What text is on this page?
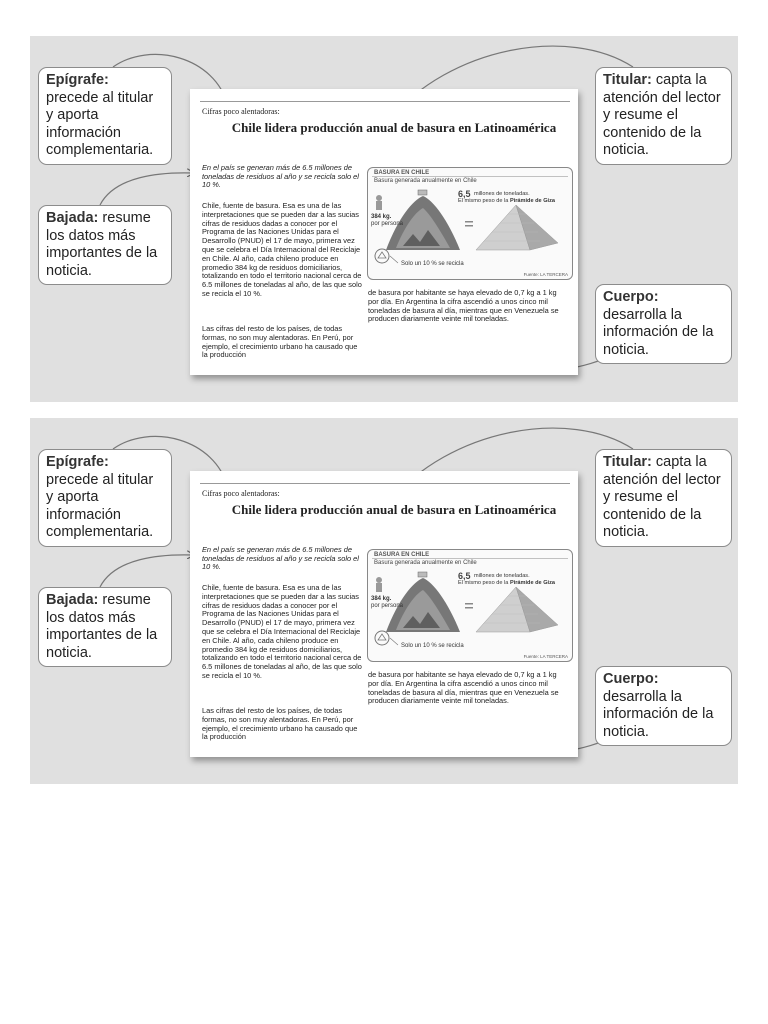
Epígrafe: precede al titular y aporta información complementaria.
Bajada: resume los datos más importantes de la noticia.
Titular: capta la atención del lector y resume el contenido de la noticia.
Cuerpo: desarrolla la información de la noticia.
Cifras poco alentadoras:
Chile lidera producción anual de basura en Latinoamérica
En el país se generan más de 6.5 millones de toneladas de residuos al año y se recicla solo el 10 %.
Chile, fuente de basura. Esa es una de las interpretaciones que se pueden dar a las sucias cifras de residuos dadas a conocer por el Programa de las Naciones Unidas para el Desarrollo (PNUD) el 17 de mayo, primera vez que se celebra el Día Internacional del Reciclaje en Chile. Al año, cada chileno produce en promedio 384 kg de residuos domiciliarios, totalizando en todo el territorio nacional cerca de 6.5 millones de toneladas al año, de las que solo se recicla el 10 %.
Las cifras del resto de los países, de todas formas, no son muy alentadoras. En Perú, por ejemplo, el crecimiento urbano ha causado que la producción
de basura por habitante se haya elevado de 0,7 kg a 1 kg por día. En Argentina la cifra ascendió a unos cinco mil toneladas de basura al día, mientras que en Venezuela se producen diariamente veinte mil toneladas.
BASURA EN CHILE
Basura generada anualmente en Chile
6,5 millones de toneladas.
El mismo peso de la Pirámide de Giza
384 kg.
por persona
Solo un 10 % se recicla
Fuente: LA TERCERA
Epígrafe: precede al titular y aporta información complementaria.
Bajada: resume los datos más importantes de la noticia.
Titular: capta la atención del lector y resume el contenido de la noticia.
Cuerpo: desarrolla la información de la noticia.
Cifras poco alentadoras:
Chile lidera producción anual de basura en Latinoamérica
En el país se generan más de 6.5 millones de toneladas de residuos al año y se recicla solo el 10 %.
Chile, fuente de basura. Esa es una de las interpretaciones que se pueden dar a las sucias cifras de residuos dadas a conocer por el Programa de las Naciones Unidas para el Desarrollo (PNUD) el 17 de mayo, primera vez que se celebra el Día Internacional del Reciclaje en Chile. Al año, cada chileno produce en promedio 384 kg de residuos domiciliarios, totalizando en todo el territorio nacional cerca de 6.5 millones de toneladas al año, de las que solo se recicla el 10 %.
Las cifras del resto de los países, de todas formas, no son muy alentadoras. En Perú, por ejemplo, el crecimiento urbano ha causado que la producción
de basura por habitante se haya elevado de 0,7 kg a 1 kg por día. En Argentina la cifra ascendió a unos cinco mil toneladas de basura al día, mientras que en Venezuela se producen diariamente veinte mil toneladas.
BASURA EN CHILE
Basura generada anualmente en Chile
6,5 millones de toneladas.
El mismo peso de la Pirámide de Giza
384 kg.
por persona
Solo un 10 % se recicla
Fuente: LA TERCERA
